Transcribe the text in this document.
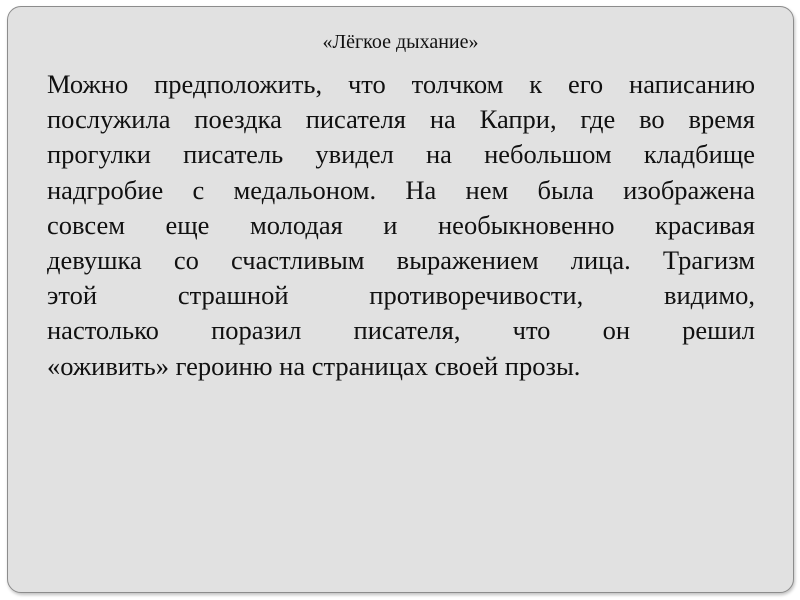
«Лёгкое дыхание»
Можно предположить, что толчком к его написанию
послужила поездка писателя на Капри, где во время
прогулки писатель увидел на небольшом кладбище
надгробие с медальоном. На нем была изображена
совсем еще молодая и необыкновенно красивая
девушка со счастливым выражением лица. Трагизм
этой страшной противоречивости, видимо,
настолько поразил писателя, что он решил
«оживить» героиню на страницах своей прозы.
